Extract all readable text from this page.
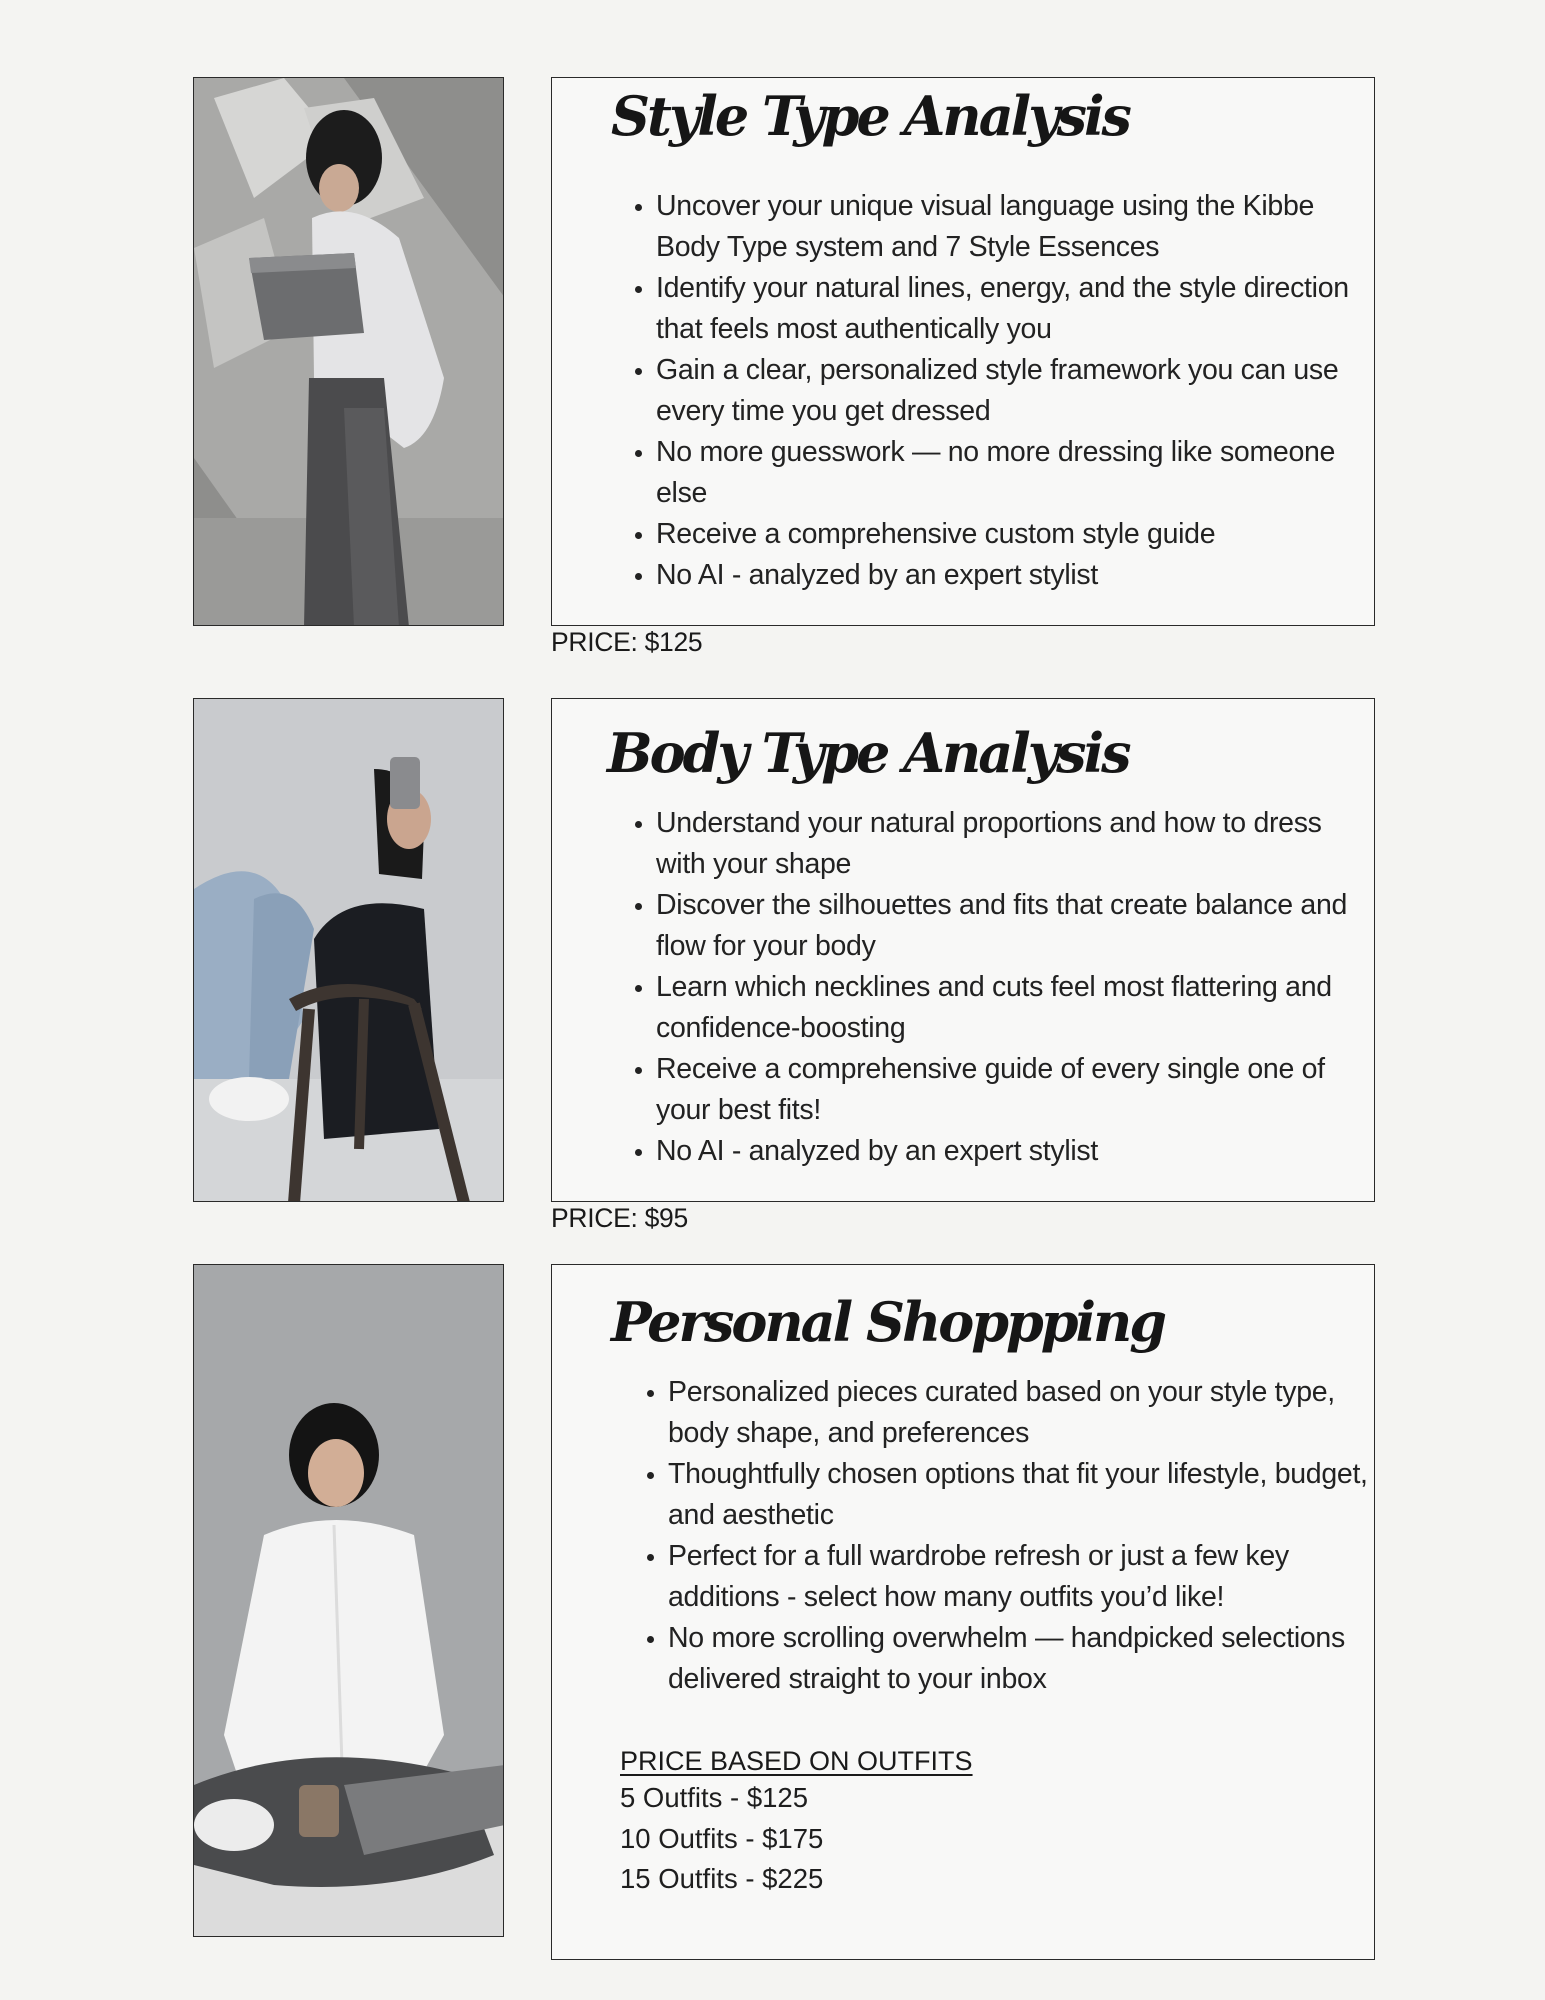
Style Type Analysis
• Uncover your unique visual language using the Kibbe Body Type system and 7 Style Essences
• Identify your natural lines, energy, and the style direction that feels most authentically you
• Gain a clear, personalized style framework you can use every time you get dressed
• No more guesswork — no more dressing like someone else
• Receive a comprehensive custom style guide
• No AI - analyzed by an expert stylist
PRICE: $125
Body Type Analysis
• Understand your natural proportions and how to dress with your shape
• Discover the silhouettes and fits that create balance and flow for your body
• Learn which necklines and cuts feel most flattering and confidence-boosting
• Receive a comprehensive guide of every single one of your best fits!
• No AI - analyzed by an expert stylist
PRICE: $95
Personal Shoppping
• Personalized pieces curated based on your style type, body shape, and preferences
• Thoughtfully chosen options that fit your lifestyle, budget, and aesthetic
• Perfect for a full wardrobe refresh or just a few key additions - select how many outfits you’d like!
• No more scrolling overwhelm — handpicked selections delivered straight to your inbox
PRICE BASED ON OUTFITS
5 Outfits - $125
10 Outfits - $175
15 Outfits - $225
